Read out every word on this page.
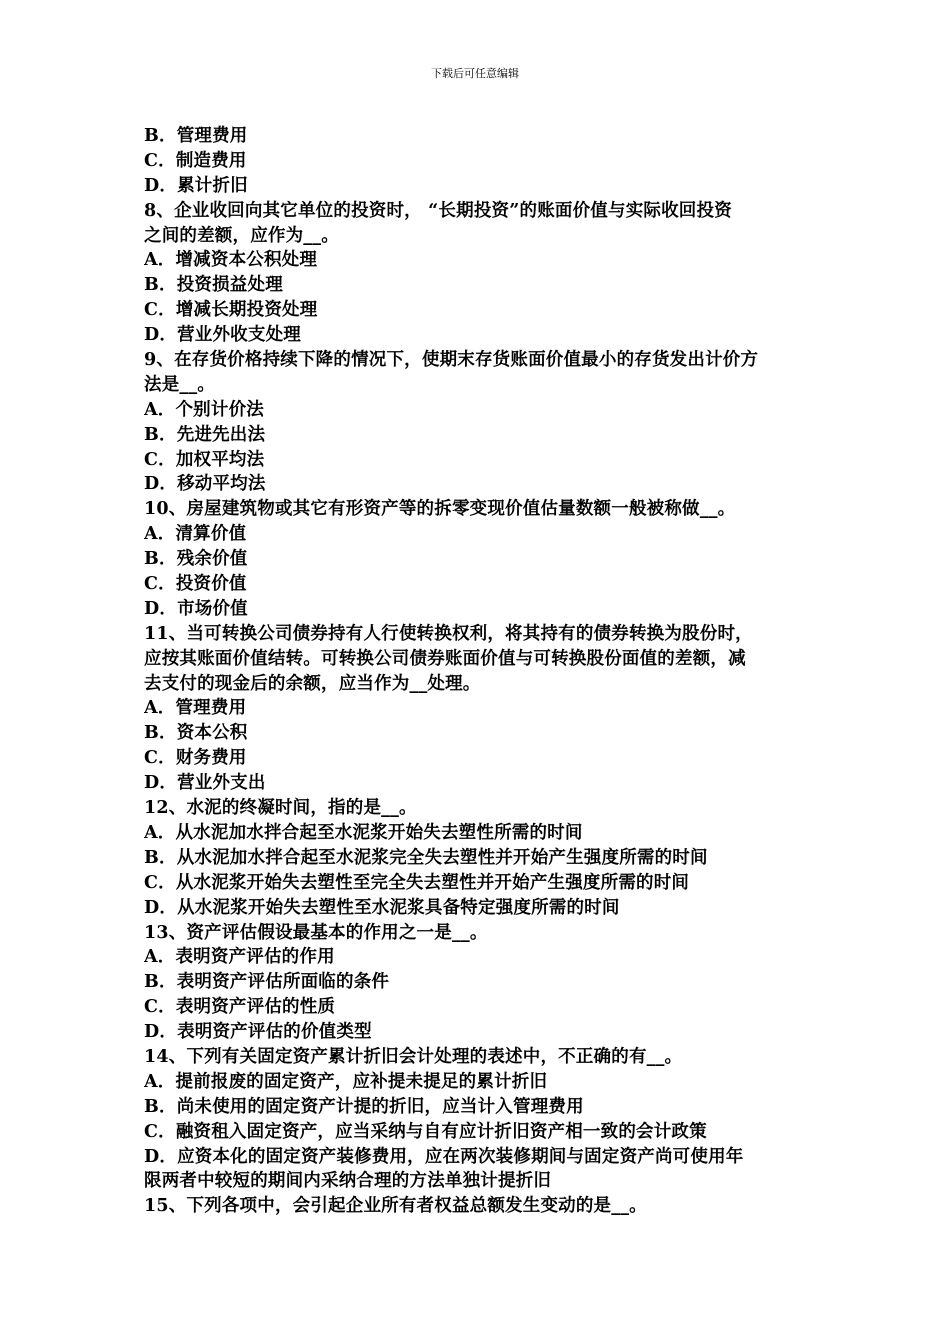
下载后可任意编辑
B．管理费用
C．制造费用
D．累计折旧
8、企业收回向其它单位的投资时， “长期投资”的账面价值与实际收回投资
之间的差额，应作为__。
A．增减资本公积处理
B．投资损益处理
C．增减长期投资处理
D．营业外收支处理
9、在存货价格持续下降的情况下，使期末存货账面价值最小的存货发出计价方
法是__。
A．个别计价法
B．先进先出法
C．加权平均法
D．移动平均法
10、房屋建筑物或其它有形资产等的拆零变现价值估量数额一般被称做__。
A．清算价值
B．残余价值
C．投资价值
D．市场价值
11、当可转换公司债券持有人行使转换权利，将其持有的债券转换为股份时，
应按其账面价值结转。可转换公司债券账面价值与可转换股份面值的差额，减
去支付的现金后的余额，应当作为__处理。
A．管理费用
B．资本公积
C．财务费用
D．营业外支出
12、水泥的终凝时间，指的是__。
A．从水泥加水拌合起至水泥浆开始失去塑性所需的时间
B．从水泥加水拌合起至水泥浆完全失去塑性并开始产生强度所需的时间
C．从水泥浆开始失去塑性至完全失去塑性并开始产生强度所需的时间
D．从水泥浆开始失去塑性至水泥浆具备特定强度所需的时间
13、资产评估假设最基本的作用之一是__。
A．表明资产评估的作用
B．表明资产评估所面临的条件
C．表明资产评估的性质
D．表明资产评估的价值类型
14、下列有关固定资产累计折旧会计处理的表述中，不正确的有__。
A．提前报废的固定资产，应补提未提足的累计折旧
B．尚未使用的固定资产计提的折旧，应当计入管理费用
C．融资租入固定资产，应当采纳与自有应计折旧资产相一致的会计政策
D．应资本化的固定资产装修费用，应在两次装修期间与固定资产尚可使用年
限两者中较短的期间内采纳合理的方法单独计提折旧
15、下列各项中，会引起企业所有者权益总额发生变动的是__。
